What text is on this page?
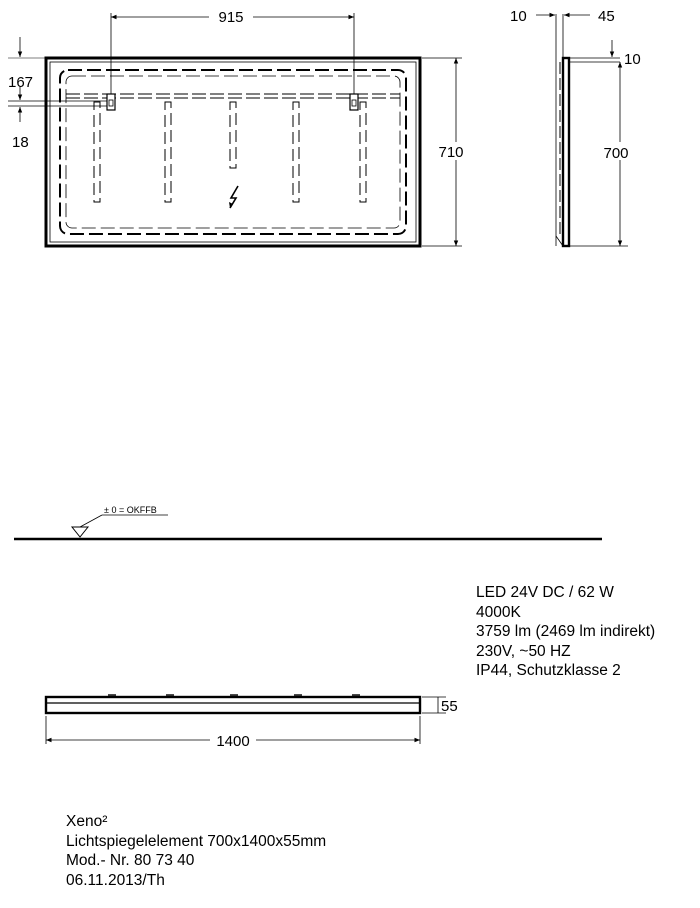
915
710
167
18
10	45
10
700
± 0 = OKFFB
55
1400
LED 24V DC / 62 W
4000K
3759 lm (2469 lm indirekt)
230V, ~50 HZ
IP44, Schutzklasse 2
Xeno²
Lichtspiegelelement 700x1400x55mm
Mod.- Nr. 80 73 40
06.11.2013/Th
